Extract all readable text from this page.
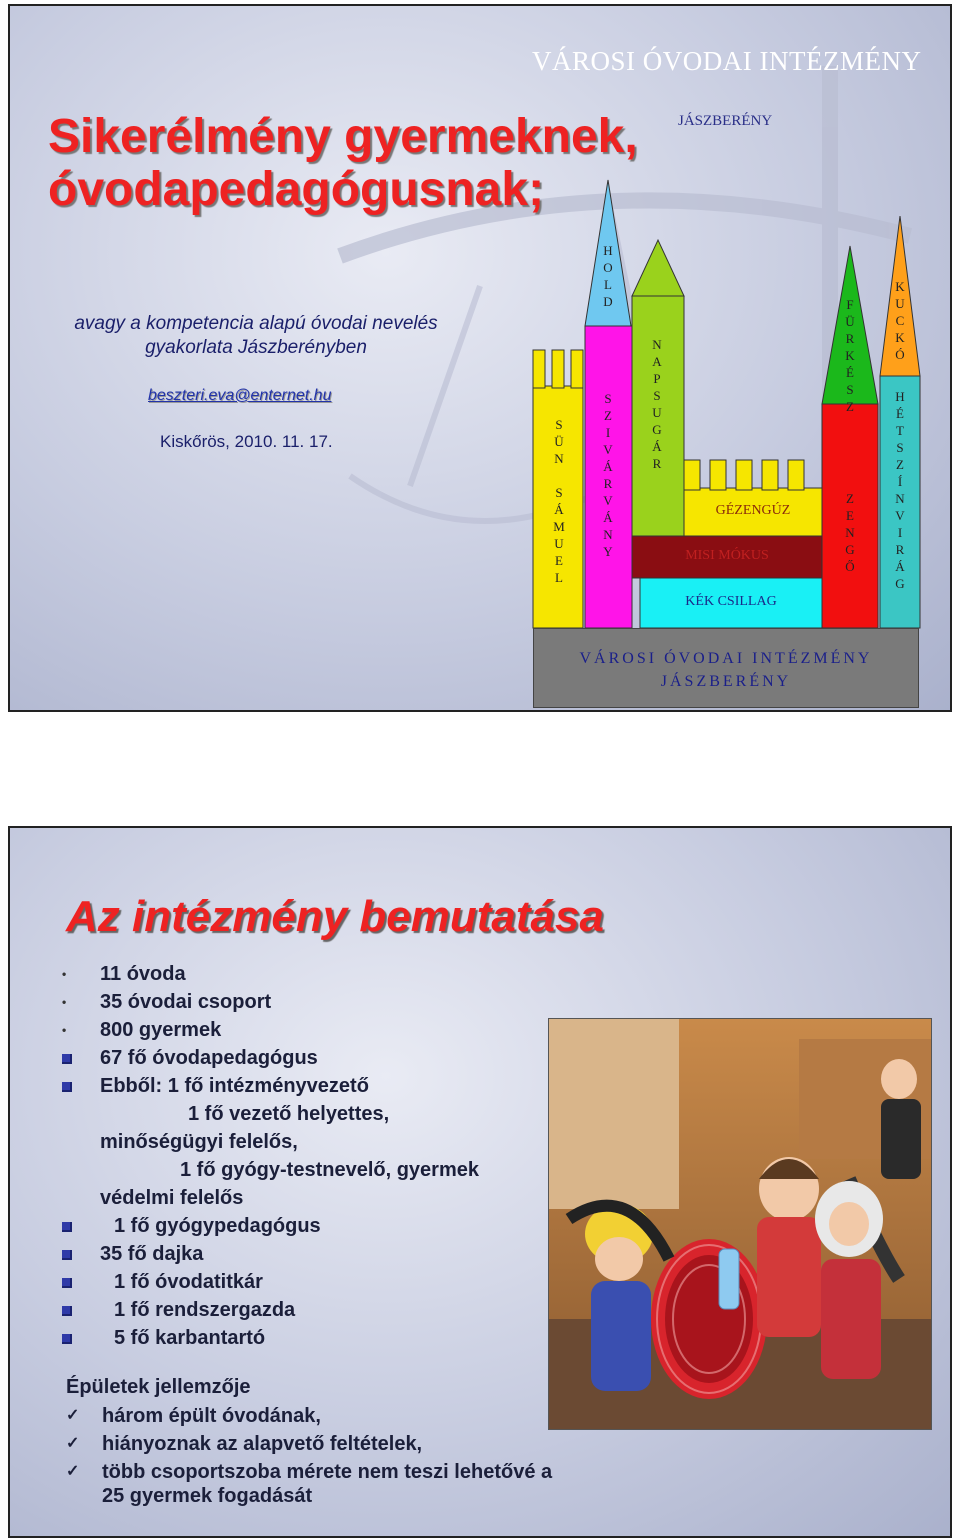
Sikerélmény gyermeknek,
óvodapedagógusnak;
avagy a kompetencia alapú óvodai nevelés
gyakorlata Jászberényben
beszteri.eva@enternet.hu
Kiskőrös, 2010. 11. 17.
VÁROSI ÓVODAI INTÉZMÉNY
JÁSZBERÉNY
S
Ü
N

S
Á
M
U
E
L
H
O
L
D
S
Z
I
V
Á
R
V
Á
N
Y
N
A
P
S
U
G
Á
R
F
Ü
R
K
É
S
Z
Z
E
N
G
Ő
K
U
C
K
Ó
H
É
T
S
Z
Í
N
V
I
R
Á
G
GÉZENGÚZ
MISI MÓKUS
KÉK CSILLAG
VÁROSI ÓVODAI INTÉZMÉNY
JÁSZBERÉNY
Az intézmény bemutatása
• 11 óvoda
• 35 óvodai csoport
• 800 gyermek
67 fő óvodapedagógus
Ebből: 1 fő intézményvezető
1 fő vezető helyettes,
minőségügyi felelős,
1 fő gyógy-testnevelő, gyermek
védelmi felelős
1 fő gyógypedagógus
35 fő dajka
1 fő óvodatitkár
1 fő rendszergazda
5 fő karbantartó
Épületek jellemzője
✓ három épült óvodának,
✓ hiányoznak az alapvető feltételek,
✓ több csoportszoba mérete nem teszi lehetővé a 25 gyermek fogadását
